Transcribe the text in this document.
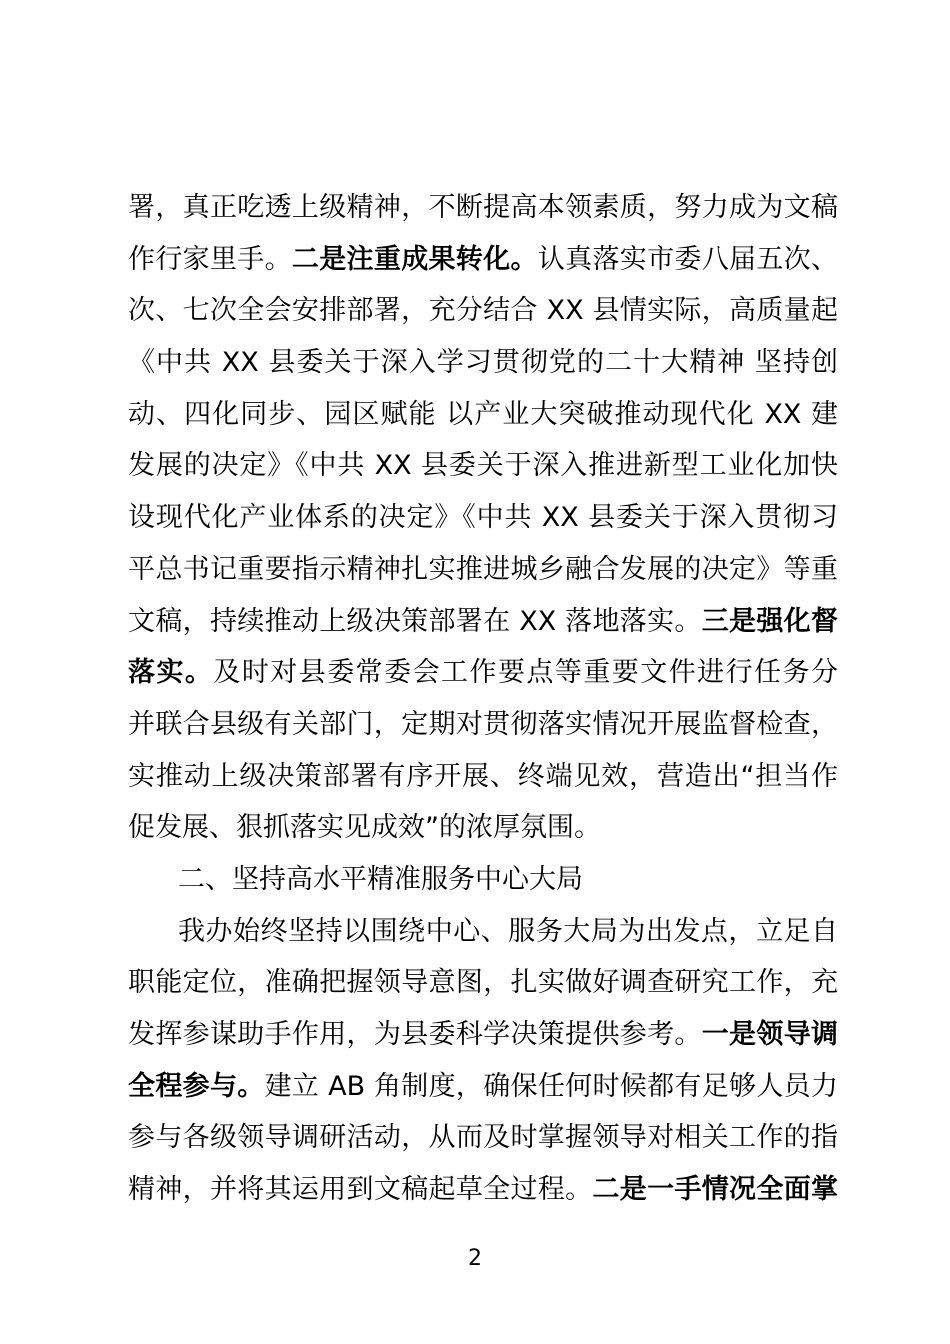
署，真正吃透上级精神，不断提高本领素质，努力成为文稿
作行家里手。二是注重成果转化。认真落实市委八届五次、
次、七次全会安排部署，充分结合 XX 县情实际，高质量起
《中共 XX 县委关于深入学习贯彻党的二十大精神 坚持创
动、四化同步、园区赋能 以产业大突破推动现代化 XX 建
发展的决定》《中共 XX 县委关于深入推进新型工业化加快
设现代化产业体系的决定》《中共 XX 县委关于深入贯彻习
平总书记重要指示精神扎实推进城乡融合发展的决定》等重
文稿，持续推动上级决策部署在 XX 落地落实。三是强化督
落实。及时对县委常委会工作要点等重要文件进行任务分
并联合县级有关部门，定期对贯彻落实情况开展监督检查，
实推动上级决策部署有序开展、终端见效，营造出“担当作
促发展、狠抓落实见成效”的浓厚氛围。
二、坚持高水平精准服务中心大局
我办始终坚持以围绕中心、服务大局为出发点，立足自
职能定位，准确把握领导意图，扎实做好调查研究工作，充
发挥参谋助手作用，为县委科学决策提供参考。一是领导调
全程参与。建立 AB 角制度，确保任何时候都有足够人员力
参与各级领导调研活动，从而及时掌握领导对相关工作的指
精神，并将其运用到文稿起草全过程。二是一手情况全面掌
2
